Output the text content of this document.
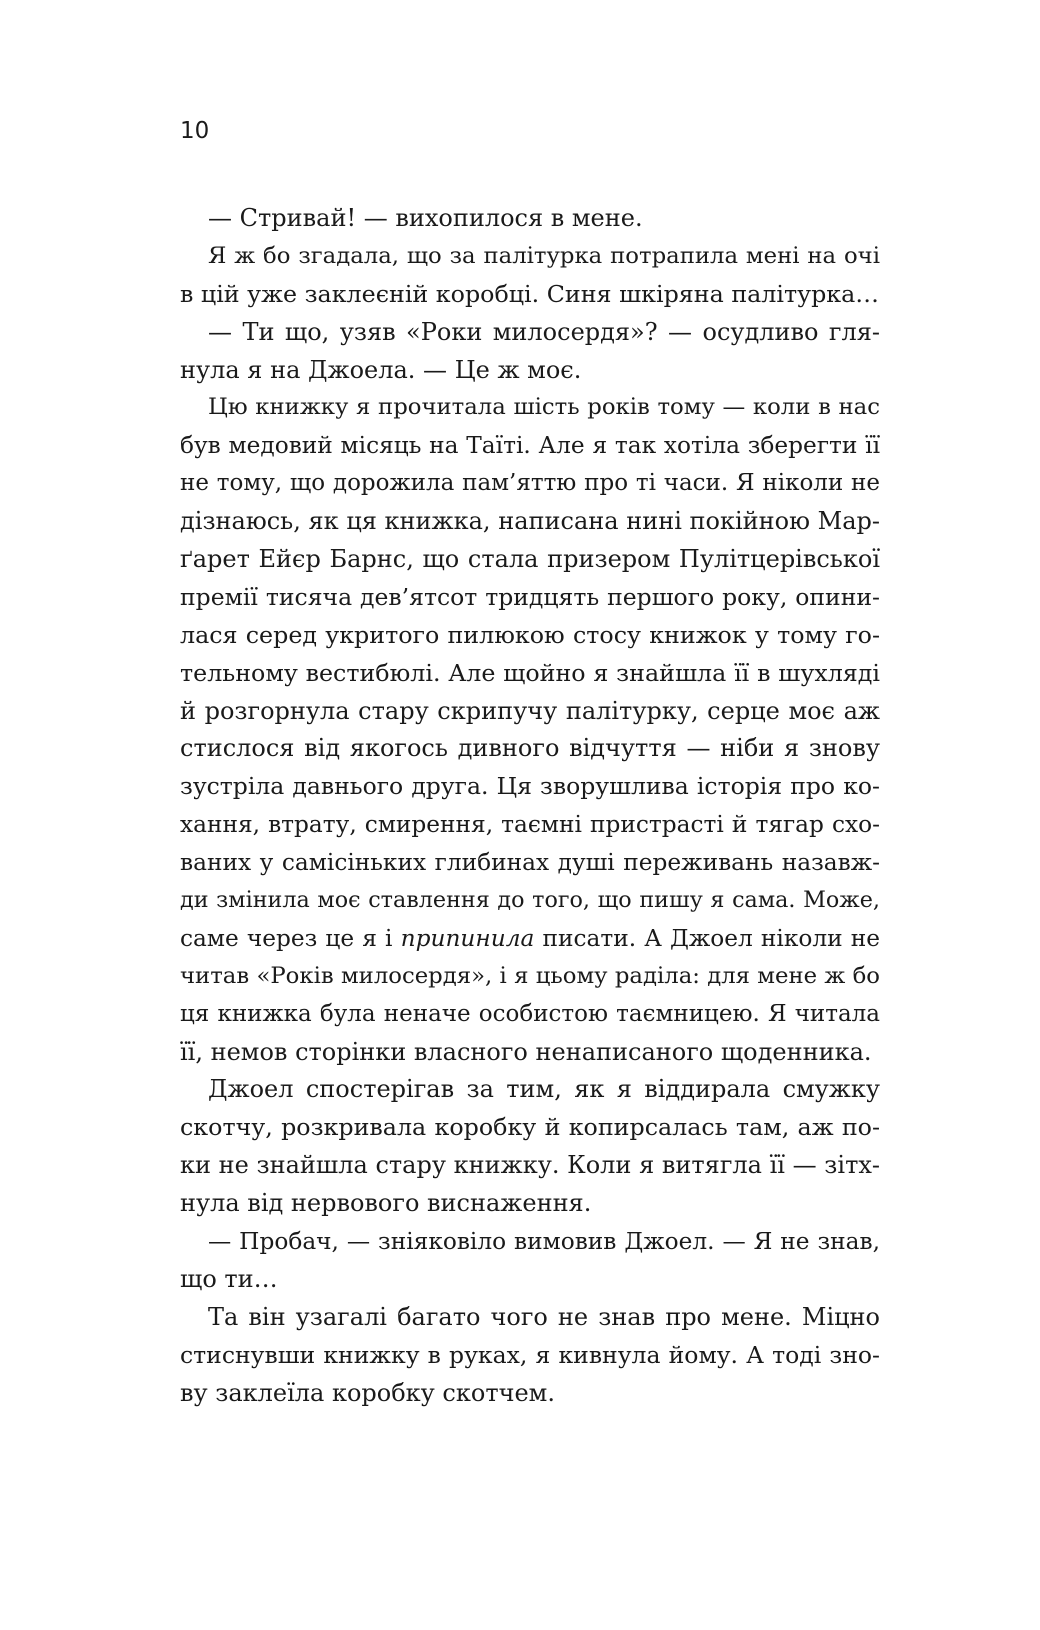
10
— Стривай! — вихопилося в мене.
Я ж бо згадала, що за палітурка потрапила мені на очі
в цій уже заклеєній коробці. Синя шкіряна палітурка…
— Ти що, узяв «Роки милосердя»? — осудливо гля-
нула я на Джоела. — Це ж моє.
Цю книжку я прочитала шість років тому — коли в нас
був медовий місяць на Таїті. Але я так хотіла зберегти її
не тому, що дорожила пам’яттю про ті часи. Я ніколи не
дізнаюсь, як ця книжка, написана нині покійною Мар-
ґарет Ейєр Барнс, що стала призером Пулітцерівської
премії тисяча дев’ятсот тридцять першого року, опини-
лася серед укритого пилюкою стосу книжок у тому го-
тельному вестибюлі. Але щойно я знайшла її в шухляді
й розгорнула стару скрипучу палітурку, серце моє аж
стислося від якогось дивного відчуття — ніби я знову
зустріла давнього друга. Ця зворушлива історія про ко-
хання, втрату, смирення, таємні пристрасті й тягар схо-
ваних у самісіньких глибинах душі переживань назавж-
ди змінила моє ставлення до того, що пишу я сама. Може,
саме через це я і припинила писати. А Джоел ніколи не
читав «Років милосердя», і я цьому раділа: для мене ж бо
ця книжка була неначе особистою таємницею. Я читала
її, немов сторінки власного ненаписаного щоденника.
Джоел спостерігав за тим, як я віддирала смужку
скотчу, розкривала коробку й копирсалась там, аж по-
ки не знайшла стару книжку. Коли я витягла її — зітх-
нула від нервового виснаження.
— Пробач, — зніяковіло вимовив Джоел. — Я не знав,
що ти…
Та він узагалі багато чого не знав про мене. Міцно
стиснувши книжку в руках, я кивнула йому. А тоді зно-
ву заклеїла коробку скотчем.
